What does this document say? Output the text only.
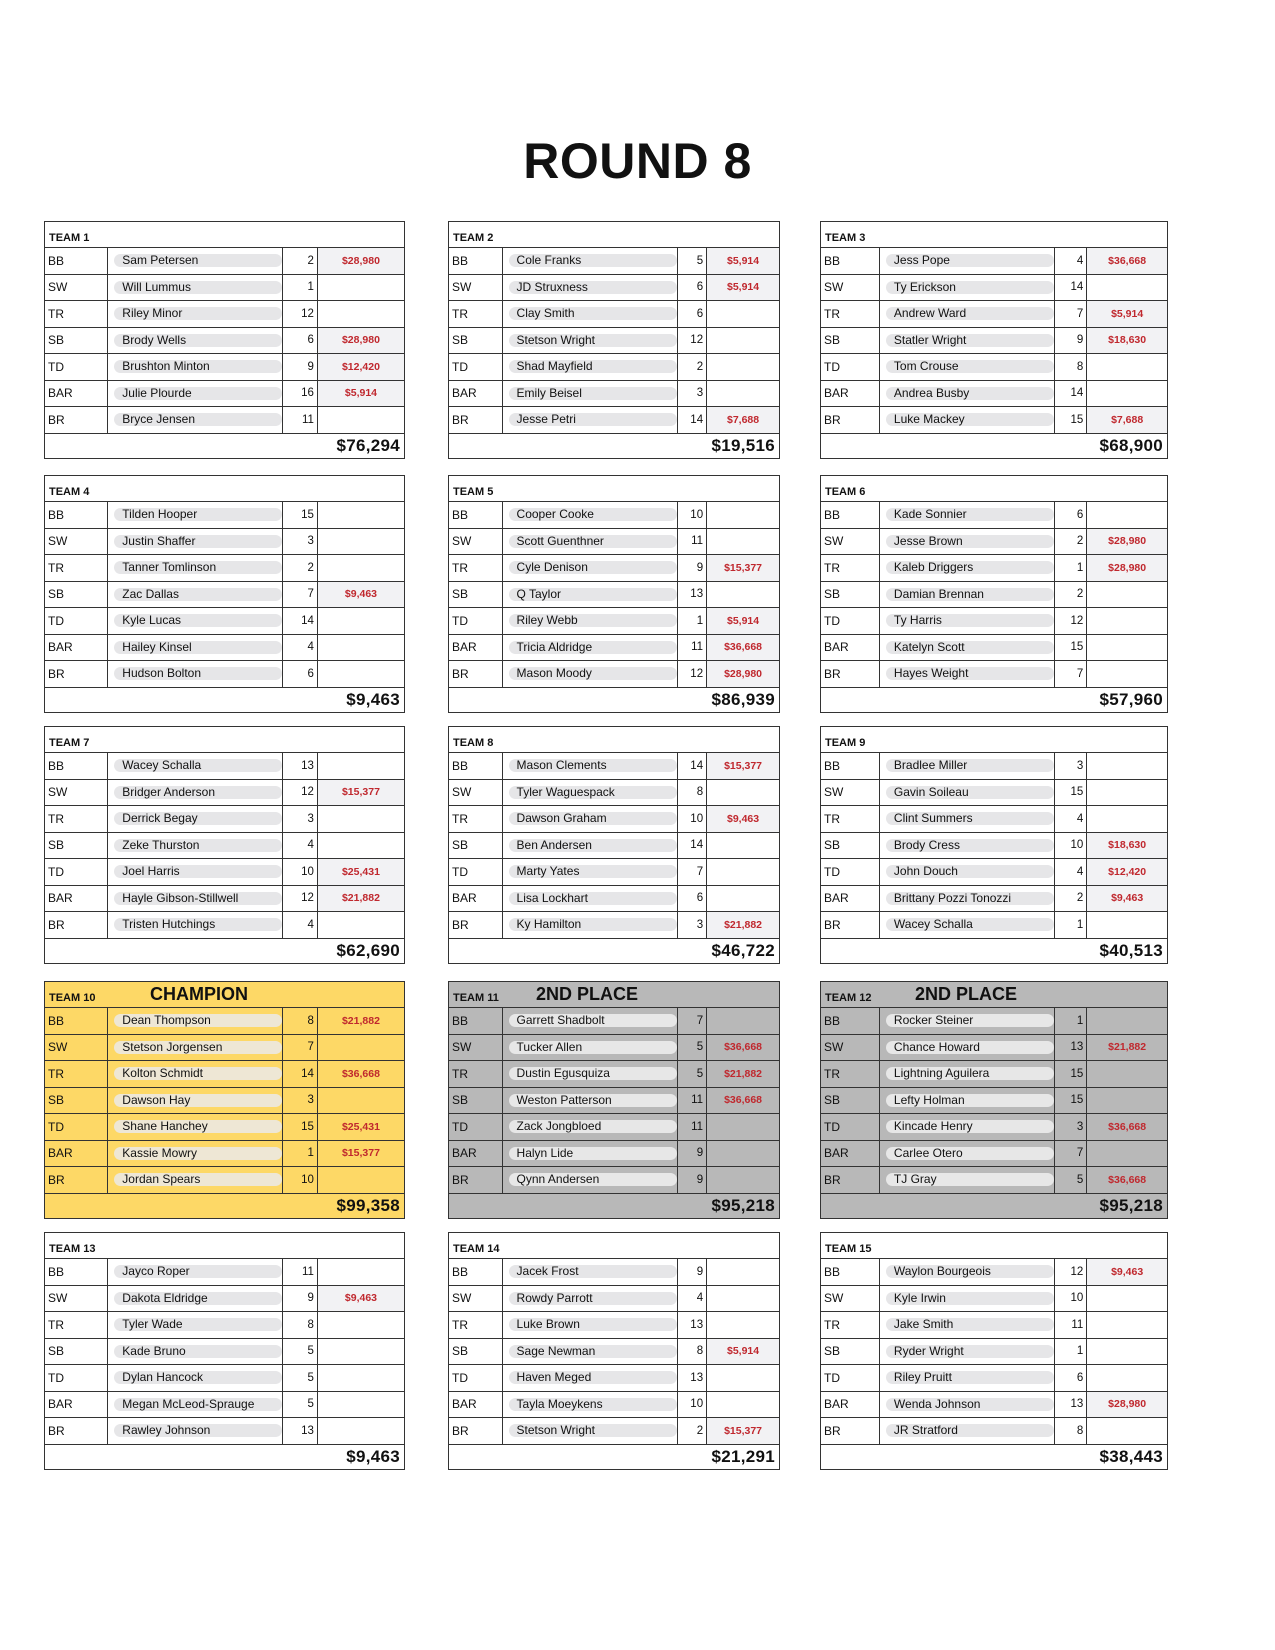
ROUND 8
TEAM 1
BB	Sam Petersen	2	$28,980
SW	Will Lummus	1
TR	Riley Minor	12
SB	Brody Wells	6	$28,980
TD	Brushton Minton	9	$12,420
BAR	Julie Plourde	16	$5,914
BR	Bryce Jensen	11
$76,294
TEAM 2
BB	Cole Franks	5	$5,914
SW	JD Struxness	6	$5,914
TR	Clay Smith	6
SB	Stetson Wright	12
TD	Shad Mayfield	2
BAR	Emily Beisel	3
BR	Jesse Petri	14	$7,688
$19,516
TEAM 3
BB	Jess Pope	4	$36,668
SW	Ty Erickson	14
TR	Andrew Ward	7	$5,914
SB	Statler Wright	9	$18,630
TD	Tom Crouse	8
BAR	Andrea Busby	14
BR	Luke Mackey	15	$7,688
$68,900
TEAM 4
BB	Tilden Hooper	15
SW	Justin Shaffer	3
TR	Tanner Tomlinson	2
SB	Zac Dallas	7	$9,463
TD	Kyle Lucas	14
BAR	Hailey Kinsel	4
BR	Hudson Bolton	6
$9,463
TEAM 5
BB	Cooper Cooke	10
SW	Scott Guenthner	11
TR	Cyle Denison	9	$15,377
SB	Q Taylor	13
TD	Riley Webb	1	$5,914
BAR	Tricia Aldridge	11	$36,668
BR	Mason Moody	12	$28,980
$86,939
TEAM 6
BB	Kade Sonnier	6
SW	Jesse Brown	2	$28,980
TR	Kaleb Driggers	1	$28,980
SB	Damian Brennan	2
TD	Ty Harris	12
BAR	Katelyn Scott	15
BR	Hayes Weight	7
$57,960
TEAM 7
BB	Wacey Schalla	13
SW	Bridger Anderson	12	$15,377
TR	Derrick Begay	3
SB	Zeke Thurston	4
TD	Joel Harris	10	$25,431
BAR	Hayle Gibson-Stillwell	12	$21,882
BR	Tristen Hutchings	4
$62,690
TEAM 8
BB	Mason Clements	14	$15,377
SW	Tyler Waguespack	8
TR	Dawson Graham	10	$9,463
SB	Ben Andersen	14
TD	Marty Yates	7
BAR	Lisa Lockhart	6
BR	Ky Hamilton	3	$21,882
$46,722
TEAM 9
BB	Bradlee Miller	3
SW	Gavin Soileau	15
TR	Clint Summers	4
SB	Brody Cress	10	$18,630
TD	John Douch	4	$12,420
BAR	Brittany Pozzi Tonozzi	2	$9,463
BR	Wacey Schalla	1
$40,513
TEAM 10	CHAMPION
BB	Dean Thompson	8	$21,882
SW	Stetson Jorgensen	7
TR	Kolton Schmidt	14	$36,668
SB	Dawson Hay	3
TD	Shane Hanchey	15	$25,431
BAR	Kassie Mowry	1	$15,377
BR	Jordan Spears	10
$99,358
TEAM 11 2ND PLACE
BB	Garrett Shadbolt	7
SW	Tucker Allen	5	$36,668
TR	Dustin Egusquiza	5	$21,882
SB	Weston Patterson	11	$36,668
TD	Zack Jongbloed	11
BAR	Halyn Lide	9
BR	Qynn Andersen	9
$95,218
TEAM 12 2ND PLACE
BB	Rocker Steiner	1
SW	Chance Howard	13	$21,882
TR	Lightning Aguilera	15
SB	Lefty Holman	15
TD	Kincade Henry	3	$36,668
BAR	Carlee Otero	7
BR	TJ Gray	5	$36,668
$95,218
TEAM 13
BB	Jayco Roper	11
SW	Dakota Eldridge	9	$9,463
TR	Tyler Wade	8
SB	Kade Bruno	5
TD	Dylan Hancock	5
BAR	Megan McLeod-Sprauge	5
BR	Rawley Johnson	13
$9,463
TEAM 14
BB	Jacek Frost	9
SW	Rowdy Parrott	4
TR	Luke Brown	13
SB	Sage Newman	8	$5,914
TD	Haven Meged	13
BAR	Tayla Moeykens	10
BR	Stetson Wright	2	$15,377
$21,291
TEAM 15
BB	Waylon Bourgeois	12	$9,463
SW	Kyle Irwin	10
TR	Jake Smith	11
SB	Ryder Wright	1
TD	Riley Pruitt	6
BAR	Wenda Johnson	13	$28,980
BR	JR Stratford	8
$38,443
